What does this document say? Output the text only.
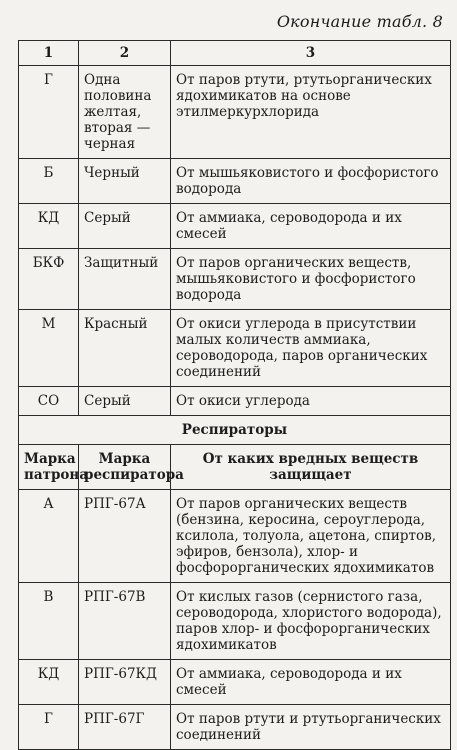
Окончание табл. 8
1	2	3
Г	Одна половина желтая, вторая — черная	От паров ртути, ртутьорганических ядохимикатов на основе этилмеркурхлорида
Б	Черный	От мышьяковистого и фосфористого водорода
КД	Серый	От аммиака, сероводорода и их смесей
БКФ	Защитный	От паров органических веществ, мышьяковистого и фосфористого водорода
М	Красный	От окиси углерода в присутствии малых количеств аммиака, сероводорода, паров органических соединений
СО	Серый	От окиси углерода
Респираторы		
Марка патрона	Марка респиратора	От каких вредных веществ защищает
А	РПГ-67А	От паров органических веществ (бензина, керосина, сероуглерода, ксилола, толуола, ацетона, спиртов, эфиров, бензола), хлор- и фосфорорганических ядохимикатов
В	РПГ-67В	От кислых газов (сернистого газа, сероводорода, хлористого водорода), паров хлор- и фосфорорганических ядохимикатов
КД	РПГ-67КД	От аммиака, сероводорода и их смесей
Г	РПГ-67Г	От паров ртути и ртутьорганических соединений
